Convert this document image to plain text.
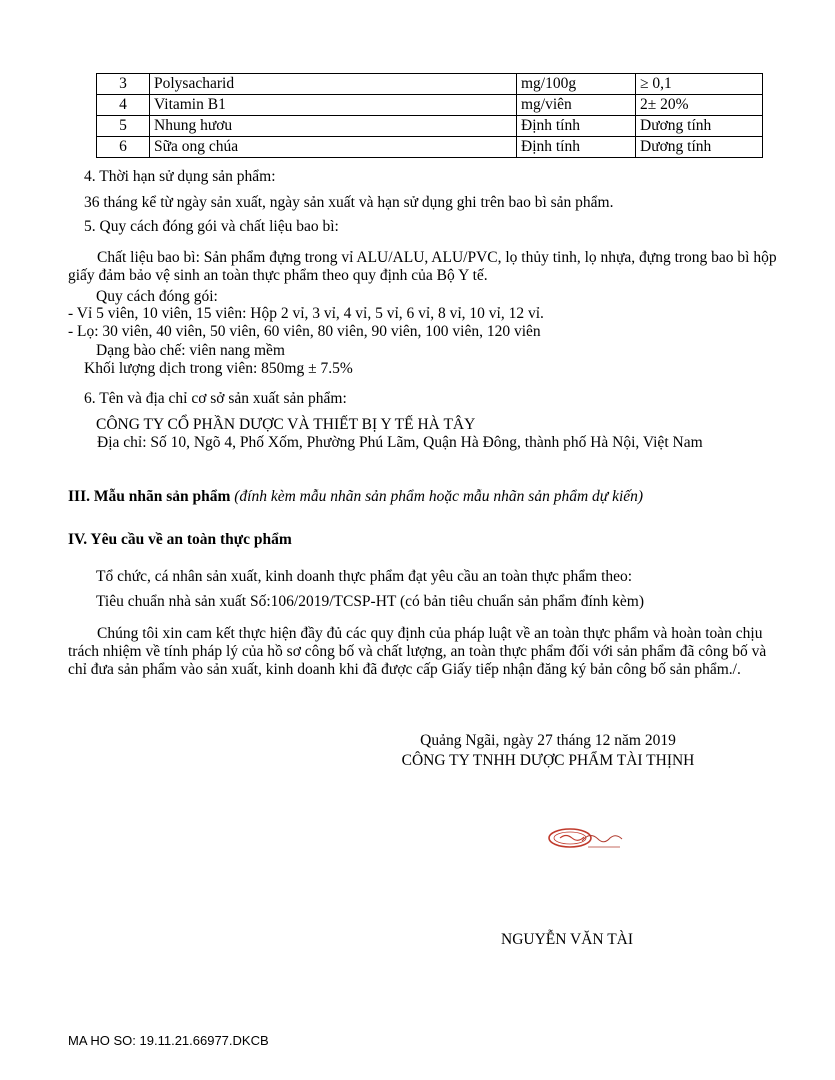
3	Polysacharid	mg/100g	≥ 0,1
4	Vitamin B1	mg/viên	2± 20%
5	Nhung hươu	Định tính	Dương tính
6	Sữa ong chúa	Định tính	Dương tính
4. Thời hạn sử dụng sản phẩm:
36 tháng kể từ ngày sản xuất, ngày sản xuất và hạn sử dụng ghi trên bao bì sản phẩm.
5. Quy cách đóng gói và chất liệu bao bì:
Chất liệu bao bì: Sản phẩm đựng trong vỉ ALU/ALU, ALU/PVC, lọ thủy tinh, lọ nhựa, đựng trong bao bì hộp giấy đảm bảo vệ sinh an toàn thực phẩm theo quy định của Bộ Y tế.
Quy cách đóng gói:
- Vỉ 5 viên, 10 viên, 15 viên: Hộp 2 vỉ, 3 vỉ, 4 vỉ, 5 vỉ, 6 vỉ, 8 vỉ, 10 vỉ, 12 vỉ.
- Lọ: 30 viên, 40 viên, 50 viên, 60 viên, 80 viên, 90 viên, 100 viên, 120 viên
Dạng bào chế: viên nang mềm
Khối lượng dịch trong viên: 850mg ± 7.5%
6. Tên và địa chỉ cơ sở sản xuất sản phẩm:
CÔNG TY CỔ PHẦN DƯỢC VÀ THIẾT BỊ Y TẾ HÀ TÂY
Địa chỉ: Số 10, Ngõ 4, Phố Xốm, Phường Phú Lãm, Quận Hà Đông, thành phố Hà Nội, Việt Nam
III. Mẫu nhãn sản phẩm (đính kèm mẫu nhãn sản phẩm hoặc mẫu nhãn sản phẩm dự kiến)
IV. Yêu cầu về an toàn thực phẩm
Tổ chức, cá nhân sản xuất, kinh doanh thực phẩm đạt yêu cầu an toàn thực phẩm theo:
Tiêu chuẩn nhà sản xuất Số:106/2019/TCSP-HT (có bản tiêu chuẩn sản phẩm đính kèm)
Chúng tôi xin cam kết thực hiện đầy đủ các quy định của pháp luật về an toàn thực phẩm và hoàn toàn chịu trách nhiệm về tính pháp lý của hồ sơ công bố và chất lượng, an toàn thực phẩm đối với sản phẩm đã công bố và chỉ đưa sản phẩm vào sản xuất, kinh doanh khi đã được cấp Giấy tiếp nhận đăng ký bản công bố sản phẩm./.
Quảng Ngãi, ngày 27 tháng 12 năm 2019
CÔNG TY TNHH DƯỢC PHẨM TÀI THỊNH
NGUYỄN VĂN TÀI
MA HO SO: 19.11.21.66977.DKCB
